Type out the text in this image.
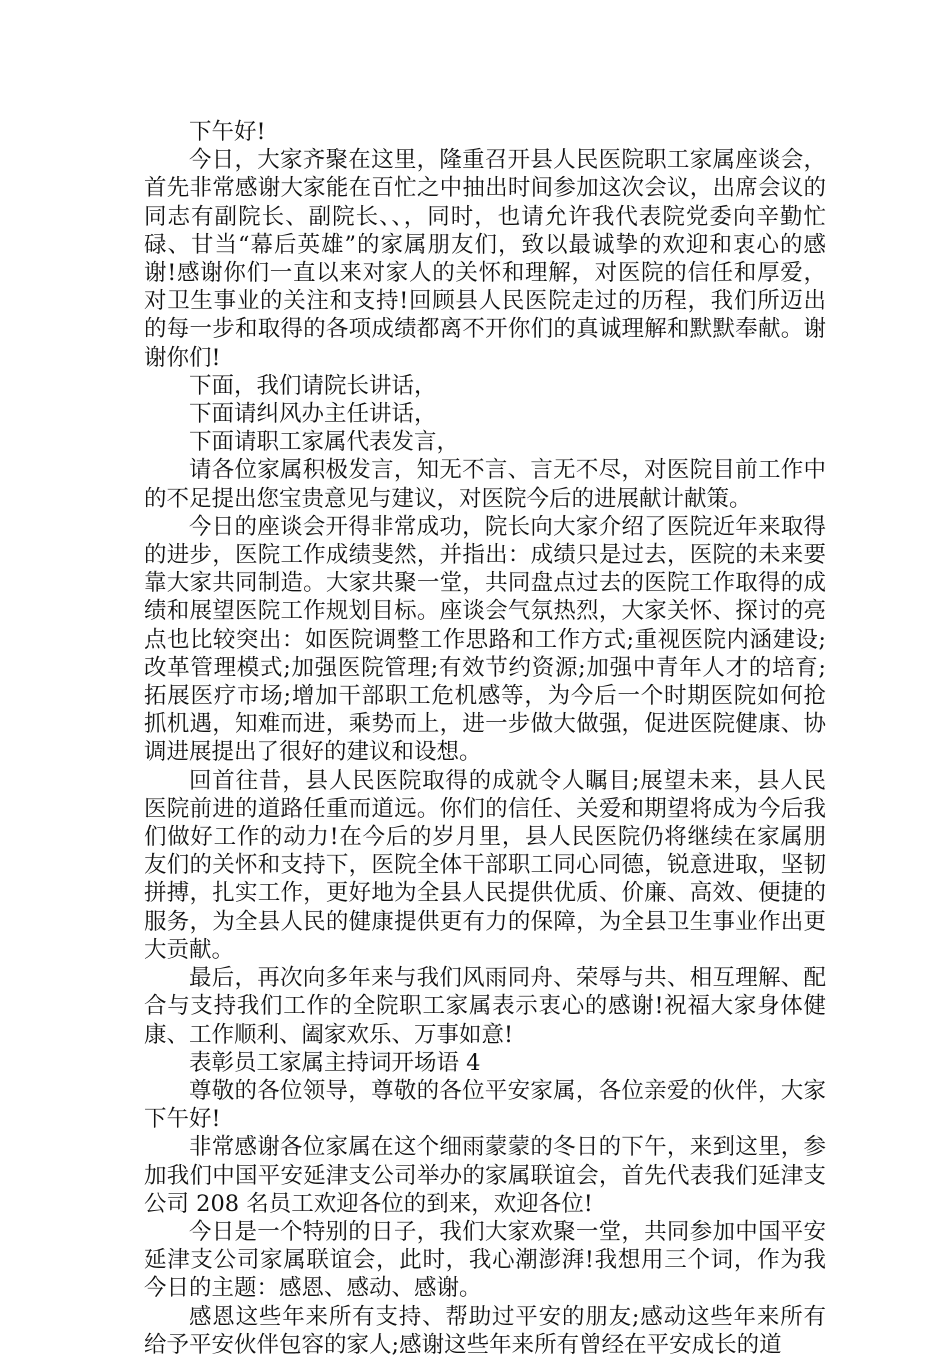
下午好!

今日，大家齐聚在这里，隆重召开县人民医院职工家属座谈会，首先非常感谢大家能在百忙之中抽出时间参加这次会议，出席会议的同志有副院长、副院长、、，同时，也请允许我代表院党委向辛勤忙碌、甘当“幕后英雄”的家属朋友们，致以最诚挚的欢迎和衷心的感谢!感谢你们一直以来对家人的关怀和理解，对医院的信任和厚爱，对卫生事业的关注和支持!回顾县人民医院走过的历程，我们所迈出的每一步和取得的各项成绩都离不开你们的真诚理解和默默奉献。谢谢你们!

下面，我们请院长讲话，

下面请纠风办主任讲话，

下面请职工家属代表发言，

请各位家属积极发言，知无不言、言无不尽，对医院目前工作中的不足提出您宝贵意见与建议，对医院今后的进展献计献策。

今日的座谈会开得非常成功，院长向大家介绍了医院近年来取得的进步，医院工作成绩斐然，并指出：成绩只是过去，医院的未来要靠大家共同制造。大家共聚一堂，共同盘点过去的医院工作取得的成绩和展望医院工作规划目标。座谈会气氛热烈，大家关怀、探讨的亮点也比较突出：如医院调整工作思路和工作方式;重视医院内涵建设;改革管理模式;加强医院管理;有效节约资源;加强中青年人才的培育;拓展医疗市场;增加干部职工危机感等，为今后一个时期医院如何抢抓机遇，知难而进，乘势而上，进一步做大做强，促进医院健康、协调进展提出了很好的建议和设想。

回首往昔，县人民医院取得的成就令人瞩目;展望未来，县人民医院前进的道路任重而道远。你们的信任、关爱和期望将成为今后我们做好工作的动力!在今后的岁月里，县人民医院仍将继续在家属朋友们的关怀和支持下，医院全体干部职工同心同德，锐意进取，坚韧拼搏，扎实工作，更好地为全县人民提供优质、价廉、高效、便捷的服务，为全县人民的健康提供更有力的保障，为全县卫生事业作出更大贡献。

最后，再次向多年来与我们风雨同舟、荣辱与共、相互理解、配合与支持我们工作的全院职工家属表示衷心的感谢!祝福大家身体健康、工作顺利、阖家欢乐、万事如意!

表彰员工家属主持词开场语 4

尊敬的各位领导，尊敬的各位平安家属，各位亲爱的伙伴，大家下午好!

非常感谢各位家属在这个细雨蒙蒙的冬日的下午，来到这里，参加我们中国平安延津支公司举办的家属联谊会，首先代表我们延津支公司 208 名员工欢迎各位的到来，欢迎各位!

今日是一个特别的日子，我们大家欢聚一堂，共同参加中国平安延津支公司家属联谊会，此时，我心潮澎湃!我想用三个词，作为我今日的主题：感恩、感动、感谢。

感恩这些年来所有支持、帮助过平安的朋友;感动这些年来所有给予平安伙伴包容的家人;感谢这些年来所有曾经在平安成长的道
